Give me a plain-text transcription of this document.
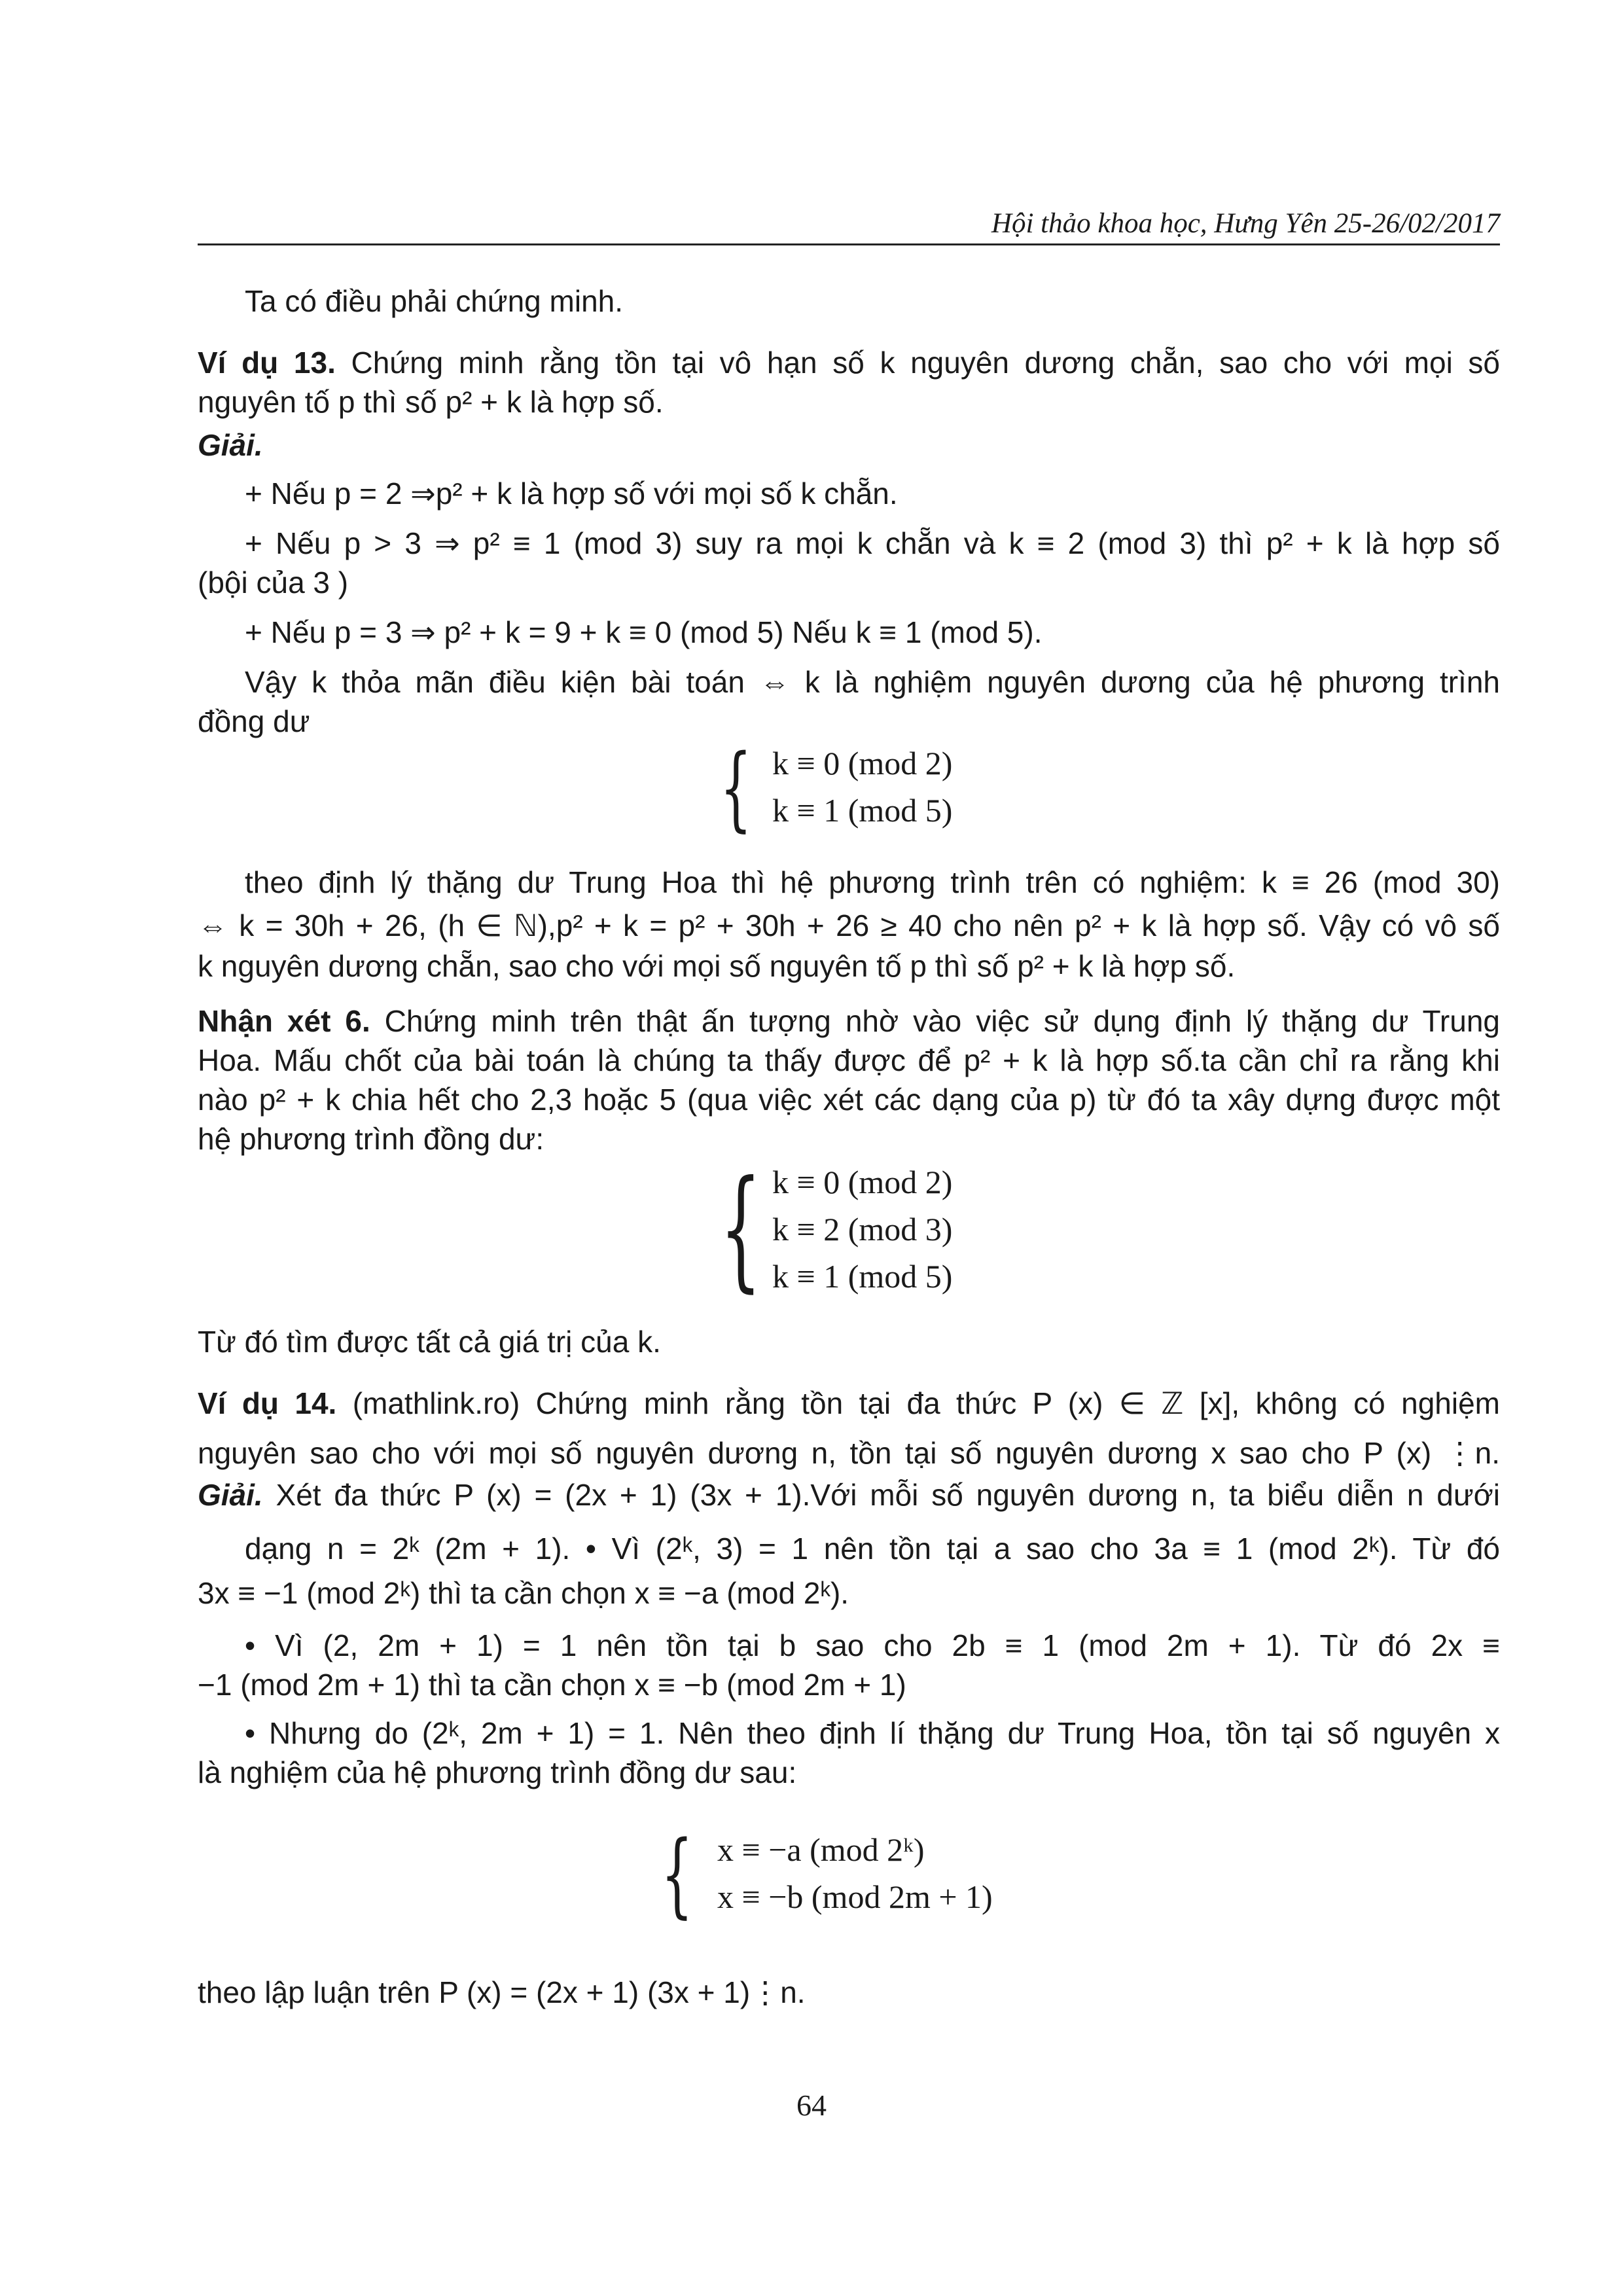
Hội thảo khoa học, Hưng Yên 25-26/02/2017
Ta có điều phải chứng minh.
Ví dụ 13. Chứng minh rằng tồn tại vô hạn số k nguyên dương chẵn, sao cho với mọi số
nguyên tố p thì số p² + k là hợp số.
Giải.
+ Nếu p = 2 ⇒p² + k là hợp số với mọi số k chẵn.
+ Nếu p > 3 ⇒ p² ≡ 1 (mod 3) suy ra mọi k chẵn và k ≡ 2 (mod 3) thì p² + k là hợp số
(bội của 3 )
+ Nếu p = 3 ⇒ p² + k = 9 + k ≡ 0 (mod 5) Nếu k ≡ 1 (mod 5).
Vậy k thỏa mãn điều kiện bài toán ⇔ k là nghiệm nguyên dương của hệ phương trình
đồng dư
{ k ≡ 0 (mod 2)
k ≡ 1 (mod 5)
theo định lý thặng dư Trung Hoa thì hệ phương trình trên có nghiệm: k ≡ 26 (mod 30)
⇔ k = 30h + 26, (h ∈ ℕ),p² + k = p² + 30h + 26 ≥ 40 cho nên p² + k là hợp số. Vậy có vô số
k nguyên dương chẵn, sao cho với mọi số nguyên tố p thì số p² + k là hợp số.
Nhận xét 6. Chứng minh trên thật ấn tượng nhờ vào việc sử dụng định lý thặng dư Trung
Hoa. Mấu chốt của bài toán là chúng ta thấy được để p² + k là hợp số.ta cần chỉ ra rằng khi
nào p² + k chia hết cho 2,3 hoặc 5 (qua việc xét các dạng của p) từ đó ta xây dựng được một
hệ phương trình đồng dư:
{ k ≡ 0 (mod 2)
k ≡ 2 (mod 3)
k ≡ 1 (mod 5)
Từ đó tìm được tất cả giá trị của k.
Ví dụ 14. (mathlink.ro) Chứng minh rằng tồn tại đa thức P (x) ∈ ℤ [x], không có nghiệm
nguyên sao cho với mọi số nguyên dương n, tồn tại số nguyên dương x sao cho P (x) ⋮n.
Giải. Xét đa thức P (x) = (2x + 1) (3x + 1).Với mỗi số nguyên dương n, ta biểu diễn n dưới
dạng n = 2ᵏ (2m + 1). • Vì (2ᵏ, 3) = 1 nên tồn tại a sao cho 3a ≡ 1 (mod 2ᵏ). Từ đó
3x ≡ −1 (mod 2ᵏ) thì ta cần chọn x ≡ −a (mod 2ᵏ).
• Vì (2, 2m + 1) = 1 nên tồn tại b sao cho 2b ≡ 1 (mod 2m + 1). Từ đó 2x ≡
−1 (mod 2m + 1) thì ta cần chọn x ≡ −b (mod 2m + 1)
• Nhưng do (2ᵏ, 2m + 1) = 1. Nên theo định lí thặng dư Trung Hoa, tồn tại số nguyên x
là nghiệm của hệ phương trình đồng dư sau:
{ x ≡ −a (mod 2ᵏ)
x ≡ −b (mod 2m + 1)
theo lập luận trên P (x) = (2x + 1) (3x + 1)⋮n.
64
